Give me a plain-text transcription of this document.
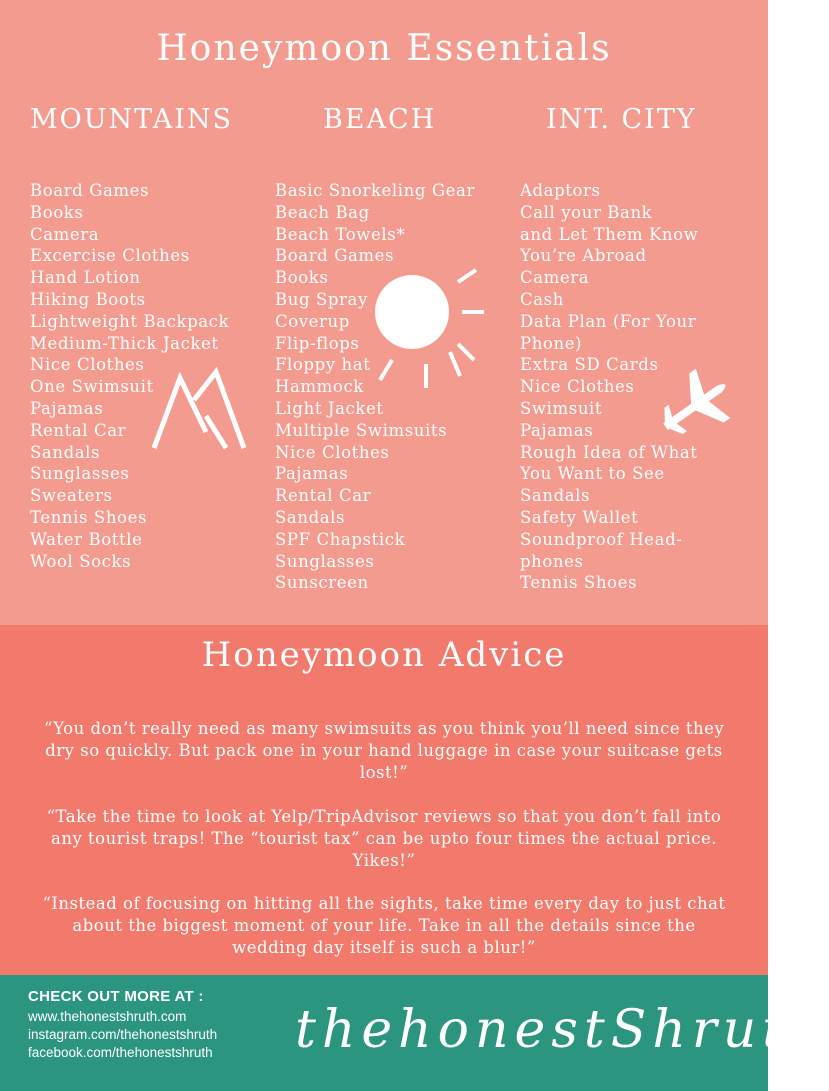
Honeymoon Essentials
MOUNTAINS	BEACH	INT. CITY
Board Games
Books
Camera
Excercise Clothes
Hand Lotion
Hiking Boots
Lightweight Backpack
Medium-Thick Jacket
Nice Clothes
One Swimsuit
Pajamas
Rental Car
Sandals
Sunglasses
Sweaters
Tennis Shoes
Water Bottle
Wool Socks
Basic Snorkeling Gear
Beach Bag
Beach Towels*
Board Games
Books
Bug Spray
Coverup
Flip-flops
Floppy hat
Hammock
Light Jacket
Multiple Swimsuits
Nice Clothes
Pajamas
Rental Car
Sandals
SPF Chapstick
Sunglasses
Sunscreen
Adaptors
Call your Bank
and Let Them Know
You’re Abroad
Camera
Cash
Data Plan (For Your
Phone)
Extra SD Cards
Nice Clothes
Swimsuit
Pajamas
Rough Idea of What
You Want to See
Sandals
Safety Wallet
Soundproof Head-
phones
Tennis Shoes
Honeymoon Advice

“You don’t really need as many swimsuits as you think you’ll need since they dry so quickly. But pack one in your hand luggage in case your suitcase gets lost!”

“Take the time to look at Yelp/TripAdvisor reviews so that you don’t fall into any tourist traps! The “tourist tax” can be upto four times the actual price. Yikes!”

“Instead of focusing on hitting all the sights, take time every day to just chat about the biggest moment of your life. Take in all the details since the wedding day itself is such a blur!”

CHECK OUT MORE AT :
www.thehonestshruth.com
instagram.com/thehonestshruth
facebook.com/thehonestshruth thehonestShruth
